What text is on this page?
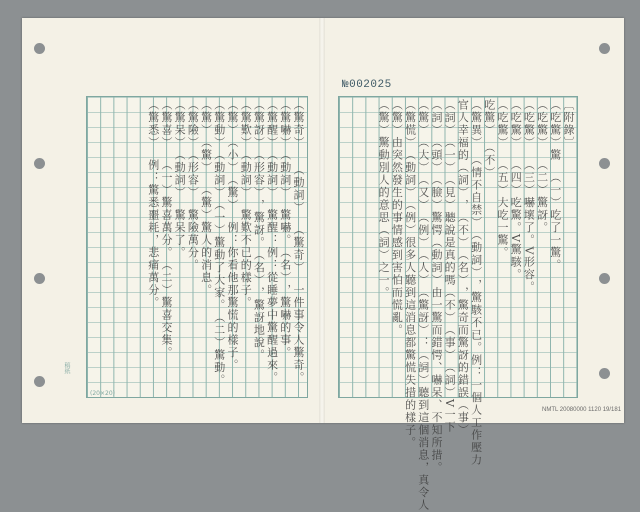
№002025
︵驚奇︶   ︵動詞︶  ︵驚奇︶  一件事令人驚奇。
︵驚嚇︶︵動詞︶  驚嚇。︵名︶，驚嚇的事。
︵驚醒︶︵動詞︶  驚醒：例：從睡夢中驚醒過來。
︵驚訝︶︵形容︶，驚訝。︵名︶，驚訝地說。
︵驚歎︶︵動詞︶  驚歎不已的樣子。
︵驚︶︵小︶︵驚︶  例：你看他那驚慌的樣子。
︵驚動︶︵動詞︶︵一︶驚動了大家。︵二︶驚動。
︵驚︶︵驚︶  ︵驚︶驚人的消息。
︵驚險︶︵形容︶  驚險萬分。
︵驚呆︶︵動詞︶  驚呆了。
︵驚喜︶  ︵一︶驚喜萬分。︵二︶驚喜交集。
︵驚悉︶  例：驚悉噩耗，悲痛萬分。
︹附錄︺
︵吃驚︶驚  ︵一︶吃了一驚。
︵吃驚︶  ︵二︶驚訝。
︵吃驚︶  ︵三︶嚇壞了。V形容。
︵吃驚︶  ︵四︶吃驚。V驚駭。
︵吃驚︶  ︵五︶大吃一驚。
吃驚︶ ︵不︶
︵驚異︶ ︵情不自禁︶︵動詞︶，驚駭不已。例：一個人工作壓力
官人幸福的︵詞︶，︵不︶︵名︶，驚奇而驚訝的錯誤︵事︶
︵詞︶︵一︶︵見︶聽說是真的嗎︵不︶︵事︶︵詞︶V一下
︵詞︶︵頭︶︵臉︶驚愕︵動詞︶由一驚而錯愕、嚇呆、不知所措。
︵驚︶︵大︶︵又︶︵例︶︵人︶︵驚訝︶：︵詞︶聽到這個消息，真令人
︵驚慌︶︵動詞︶︵例︶很多人聽到這消息都驚慌失措的樣子。
︵驚︶由突然發生的事情感到害怕而慌亂。
︵驚︶驚動別人的意思︵詞︶之一。
(20×20)
稿紙
NMTL 20080000 1120 19/181
